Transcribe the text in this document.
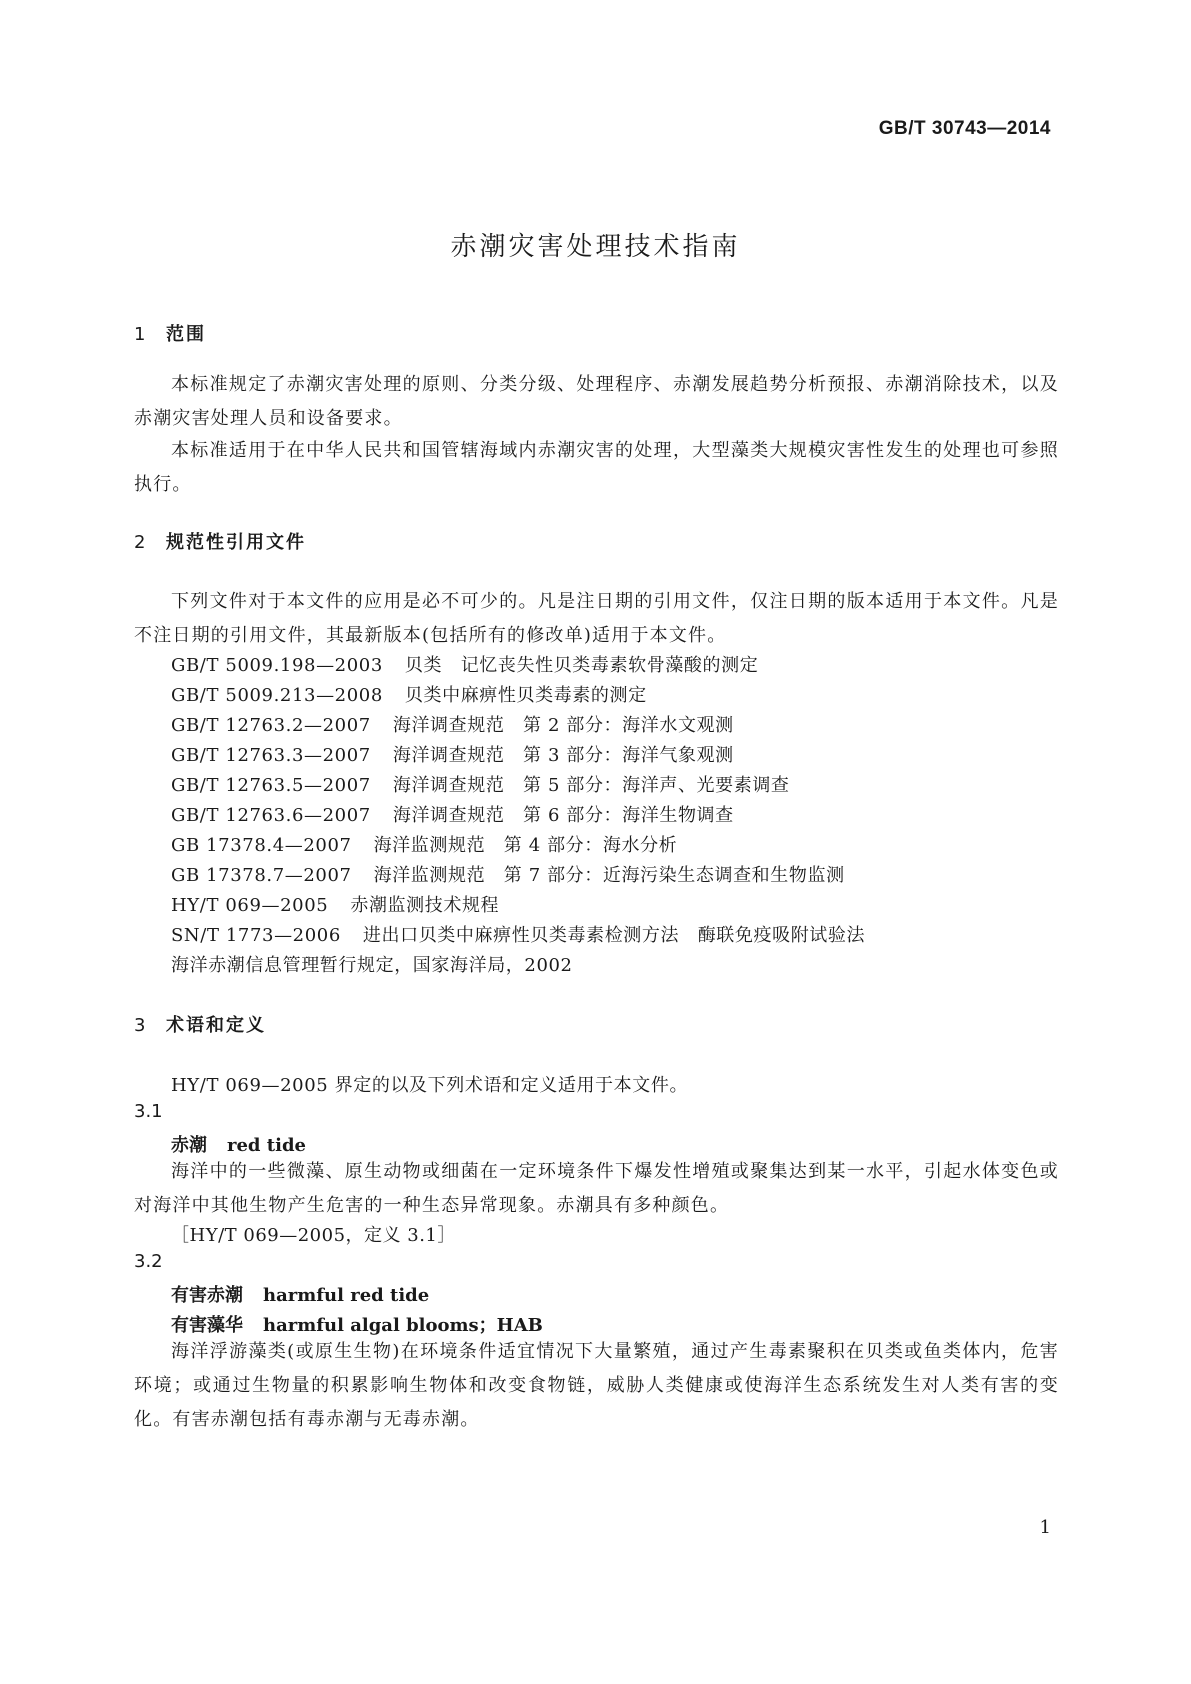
GB/T 30743—2014
赤潮灾害处理技术指南
1 范围
本标准规定了赤潮灾害处理的原则、分类分级、处理程序、赤潮发展趋势分析预报、赤潮消除技术，以及赤潮灾害处理人员和设备要求。
本标准适用于在中华人民共和国管辖海域内赤潮灾害的处理，大型藻类大规模灾害性发生的处理也可参照执行。
2 规范性引用文件
下列文件对于本文件的应用是必不可少的。凡是注日期的引用文件，仅注日期的版本适用于本文件。凡是不注日期的引用文件，其最新版本(包括所有的修改单)适用于本文件。
GB/T 5009.198—2003 贝类　记忆丧失性贝类毒素软骨藻酸的测定
GB/T 5009.213—2008 贝类中麻痹性贝类毒素的测定
GB/T 12763.2—2007 海洋调查规范　第 2 部分：海洋水文观测
GB/T 12763.3—2007 海洋调查规范　第 3 部分：海洋气象观测
GB/T 12763.5—2007 海洋调查规范　第 5 部分：海洋声、光要素调查
GB/T 12763.6—2007 海洋调查规范　第 6 部分：海洋生物调查
GB 17378.4—2007 海洋监测规范　第 4 部分：海水分析
GB 17378.7—2007 海洋监测规范　第 7 部分：近海污染生态调查和生物监测
HY/T 069—2005 赤潮监测技术规程
SN/T 1773—2006 进出口贝类中麻痹性贝类毒素检测方法　酶联免疫吸附试验法
海洋赤潮信息管理暂行规定，国家海洋局，2002
3 术语和定义
HY/T 069—2005 界定的以及下列术语和定义适用于本文件。
3.1
赤潮 red tide
海洋中的一些微藻、原生动物或细菌在一定环境条件下爆发性增殖或聚集达到某一水平，引起水体变色或对海洋中其他生物产生危害的一种生态异常现象。赤潮具有多种颜色。
［HY/T 069—2005，定义 3.1］
3.2
有害赤潮 harmful red tide
有害藻华 harmful algal blooms；HAB
海洋浮游藻类(或原生生物)在环境条件适宜情况下大量繁殖，通过产生毒素聚积在贝类或鱼类体内，危害环境；或通过生物量的积累影响生物体和改变食物链，威胁人类健康或使海洋生态系统发生对人类有害的变化。有害赤潮包括有毒赤潮与无毒赤潮。
1
